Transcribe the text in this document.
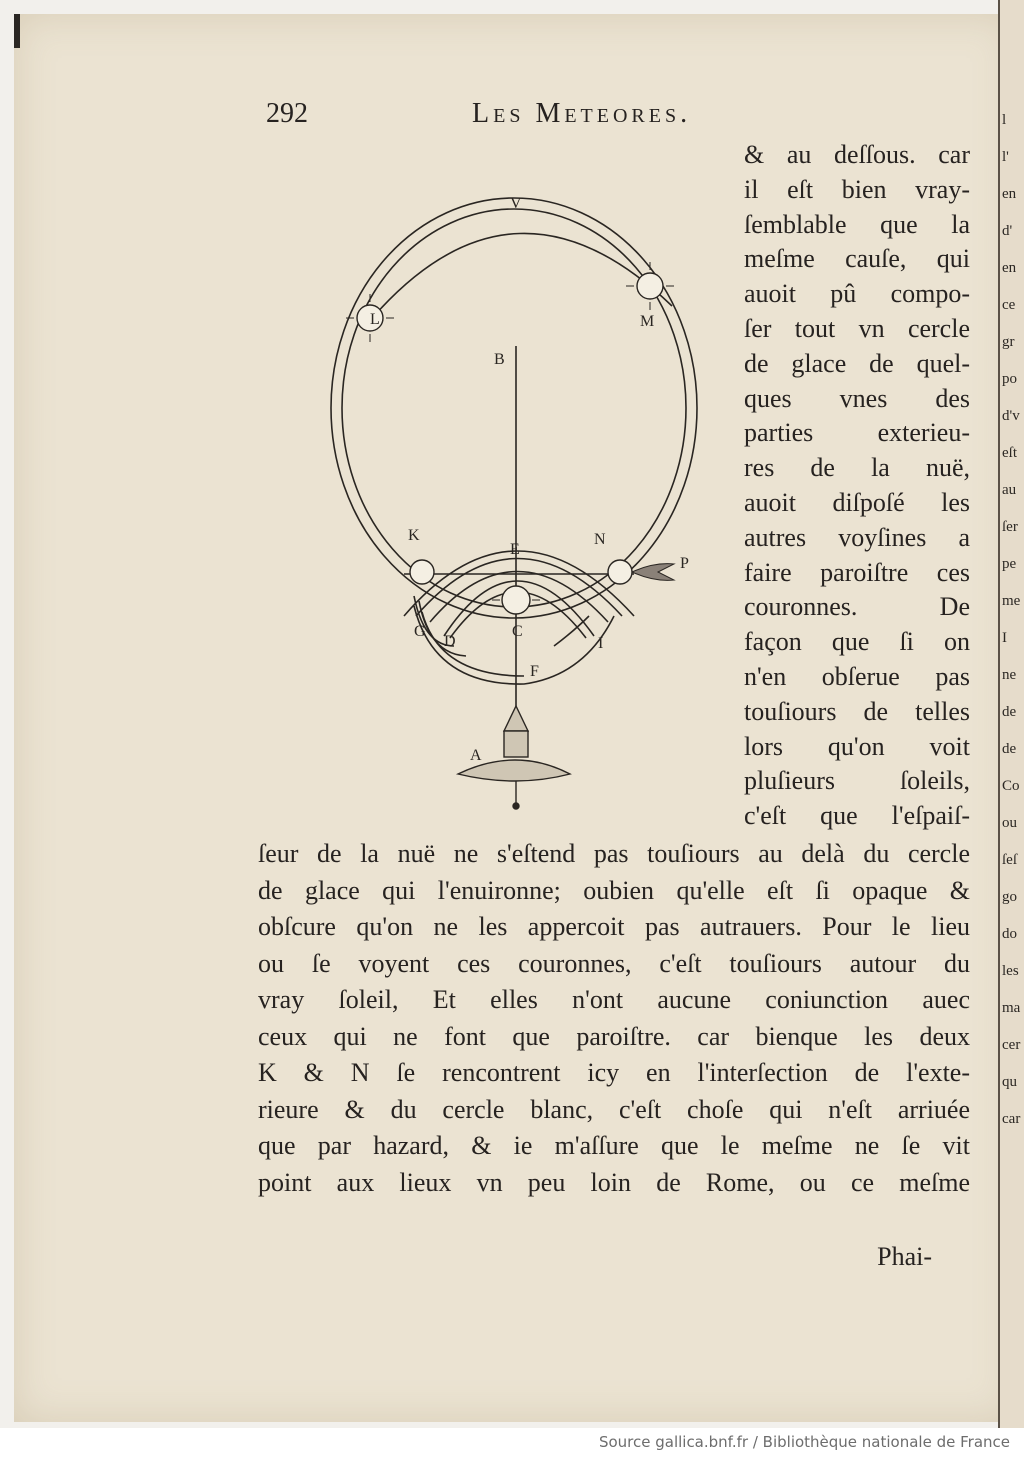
292	Les Meteores.
V
L	M
B
K	N
P
E
G
D
C
I
F
A
& au deſſous. car
il eſt bien vray-
ſemblable que la
meſme cauſe, qui
auoit pû compo-
ſer tout vn cercle
de glace de quel-
ques vnes des
parties exterieu-
res de la nuë,
auoit diſpoſé les
autres voyſines a
faire paroiſtre ces
couronnes. De
façon que ſi on
n'en obſerue pas
touſiours de telles
lors qu'on voit
pluſieurs ſoleils,
c'eſt que l'eſpaiſ-
ſeur de la nuë ne s'eſtend pas touſiours au delà du cercle
de glace qui l'enuironne; oubien qu'elle eſt ſi opaque &
obſcure qu'on ne les appercoit pas autrauers. Pour le lieu
ou ſe voyent ces couronnes, c'eſt touſiours autour du
vray ſoleil, Et elles n'ont aucune coniunction auec
ceux qui ne font que paroiſtre. car bienque les deux
K & N ſe rencontrent icy en l'interſection de l'exte-
rieure & du cercle blanc, c'eſt choſe qui n'eſt arriuée
que par hazard, & ie m'aſſure que le meſme ne ſe vit
point aux lieux vn peu loin de Rome, ou ce meſme
Phai-
l
l'
en
d'
en
ce
gr
po
d'v
eſt
au
ſer
pe
me
I
ne
de
de
Co
ou
ſeſ
go
do
les
ma
cer
qu
car
Source gallica.bnf.fr / Bibliothèque nationale de France
